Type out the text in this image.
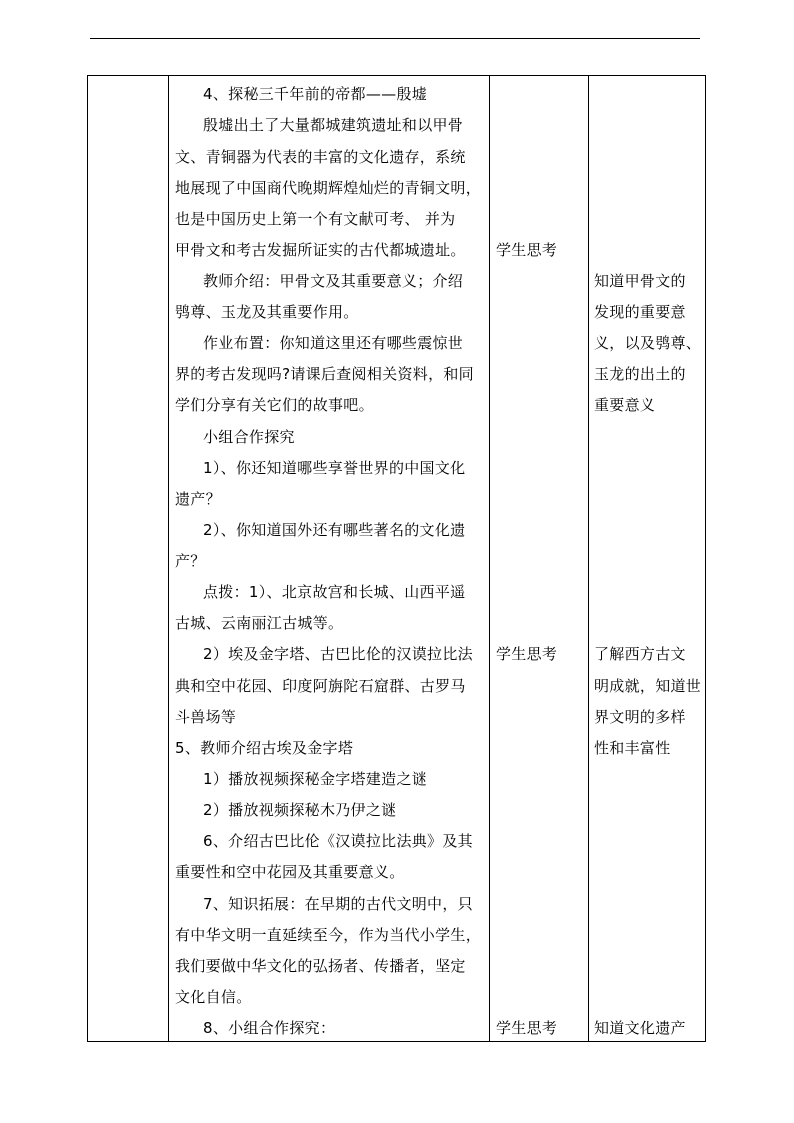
4、探秘三千年前的帝都——殷墟
殷墟出土了大量都城建筑遗址和以甲骨
文、青铜器为代表的丰富的文化遗存，系统
地展现了中国商代晚期辉煌灿烂的青铜文明，
也是中国历史上第一个有文献可考、 并为
甲骨文和考古发掘所证实的古代都城遗址。
教师介绍：甲骨文及其重要意义；介绍
鸮尊、玉龙及其重要作用。
作业布置：你知道这里还有哪些震惊世
界的考古发现吗?请课后查阅相关资料，和同
学们分享有关它们的故事吧。
小组合作探究
1）、你还知道哪些享誉世界的中国文化
遗产？
2）、你知道国外还有哪些著名的文化遗
产？
点拨：1）、北京故宫和长城、山西平遥
古城、云南丽江古城等。
2）埃及金字塔、古巴比伦的汉谟拉比法
典和空中花园、印度阿旃陀石窟群、古罗马
斗兽场等
5、教师介绍古埃及金字塔
1）播放视频探秘金字塔建造之谜
2）播放视频探秘木乃伊之谜
6、介绍古巴比伦《汉谟拉比法典》及其
重要性和空中花园及其重要意义。
7、知识拓展：在早期的古代文明中，只
有中华文明一直延续至今，作为当代小学生，
我们要做中华文化的弘扬者、传播者，坚定
文化自信。
8、小组合作探究：
学生思考
学生思考
学生思考
知道甲骨文的
发现的重要意
义，以及鸮尊、
玉龙的出土的
重要意义
了解西方古文
明成就，知道世
界文明的多样
性和丰富性
知道文化遗产
